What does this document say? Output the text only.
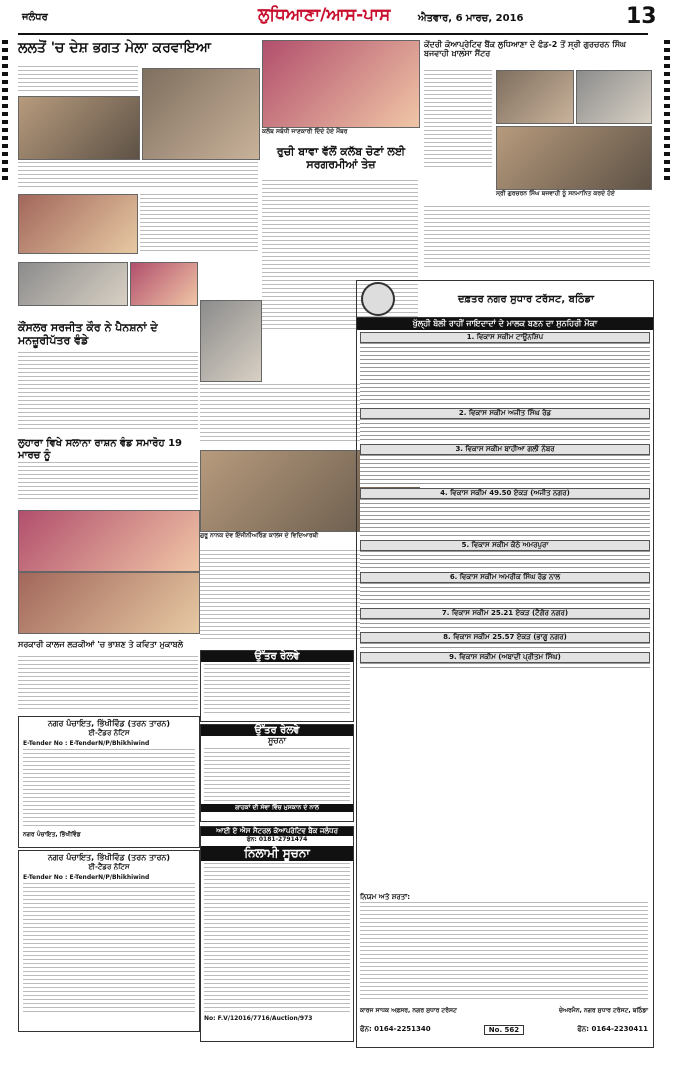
ਜਲੰਧਰ	ਲੁਧਿਆਣਾ/ਆਸ-ਪਾਸ	ਐਤਵਾਰ, 6 ਮਾਰਚ, 2016	13
ਲਲਤੋਂ 'ਚ ਦੇਸ਼ ਭਗਤ ਮੇਲਾ ਕਰਵਾਇਆ
ਕੌਂਸਲਰ ਸਰਜੀਤ ਕੌਰ ਨੇ ਪੈਨਸ਼ਨਾਂ ਦੇ ਮਨਜ਼ੂਰੀਪੱਤਰ ਵੰਡੇ
ਲੁਹਾਰਾ ਵਿਖੇ ਸਲਾਨਾ ਰਾਸ਼ਨ ਵੰਡ ਸਮਾਰੋਹ 19 ਮਾਰਚ ਨੂੰ
ਸਰਕਾਰੀ ਕਾਲਜ ਲੜਕੀਆਂ 'ਚ ਭਾਸ਼ਣ ਤੇ ਕਵਿਤਾ ਮੁਕਾਬਲੇ
ਨਗਰ ਪੰਚਾਇਤ, ਭਿੱਖੀਵਿੰਡ (ਤਰਨ ਤਾਰਨ)
ਈ-ਟੈਂਡਰ ਨੋਟਿਸ
E-Tender No : E-TenderN/P/Bhikhiwind
ਨਗਰ ਪੰਚਾਇਤ, ਭਿੱਖੀਵਿੰਡ
ਨਗਰ ਪੰਚਾਇਤ, ਭਿੱਖੀਵਿੰਡ (ਤਰਨ ਤਾਰਨ)
ਈ-ਟੈਂਡਰ ਨੋਟਿਸ
E-Tender No : E-TenderN/P/Bhikhiwind
ਕਲੱਬ ਸਬੰਧੀ ਜਾਣਕਾਰੀ ਦਿੰਦੇ ਹੋਏ ਮੈਂਬਰ
ਰੁਚੀ ਬਾਵਾ ਵੱਲੋਂ ਕਲੱਬ ਚੋਣਾਂ ਲਈ ਸਰਗਰਮੀਆਂ ਤੇਜ਼
ਗੁਰੂ ਨਾਨਕ ਦੇਵ ਇੰਜੀਨੀਅਰਿੰਗ ਕਾਲਜ ਦੇ ਵਿਦਿਆਰਥੀ
ਉੱਤਰ ਰੇਲਵੇ
ਉੱਤਰ ਰੇਲਵੇ
ਸੂਚਨਾ
ਗਾਹਕਾਂ ਦੀ ਸੇਵਾ ਵਿੱਚ ਮੁਸਕਾਨ ਦੇ ਨਾਲ
ਆਈ ਏ ਐਸ ਸੈਂਟਰਲ ਕੋਆਪਰੇਟਿਵ ਬੈਂਕ ਜਲੰਧਰ
ਫੋਨ: 0181-2791474
ਨਿਲਾਮੀ ਸੂਚਨਾ
No: F.V/12016/7716/Auction/973
ਕੇਂਦਰੀ ਕੋਆਪ੍ਰੇਟਿਵ ਬੈਂਕ ਲੁਧਿਆਣਾ ਦੇ ਫੰਡ-2 ਤੋਂ ਸ੍ਰੀ ਗੁਰਚਰਨ ਸਿੰਘ ਬਜਵਾਹੀ ਖ਼ਾਲਸਾ ਸੈਂਟਰ
ਸ੍ਰੀ ਗੁਰਚਰਨ ਸਿੰਘ ਬਜਵਾਹੀ ਨੂੰ ਸਨਮਾਨਿਤ ਕਰਦੇ ਹੋਏ
ਦਫ਼ਤਰ ਨਗਰ ਸੁਧਾਰ ਟਰੱਸਟ, ਬਠਿੰਡਾ
ਖੁੱਲ੍ਹੀ ਬੋਲੀ ਰਾਹੀਂ ਜਾਇਦਾਦਾਂ ਦੇ ਮਾਲਕ ਬਣਨ ਦਾ ਸੁਨਹਿਰੀ ਮੌਕਾ
1. ਵਿਕਾਸ ਸਕੀਮ ਟਾਊਨਸ਼ਿਪ
2. ਵਿਕਾਸ ਸਕੀਮ ਅਜੀਤ ਸਿੰਘ ਰੋਡ
3. ਵਿਕਾਸ ਸਕੀਮ ਬਾਹੀਆ ਗਲੀ ਨੰਬਰ
4. ਵਿਕਾਸ ਸਕੀਮ 49.50 ਏਕੜ (ਅਜੀਤ ਨਗਰ)
5. ਵਿਕਾਸ ਸਕੀਮ ਕੋਠੇ ਅਮਰਪੁਰਾ
6. ਵਿਕਾਸ ਸਕੀਮ ਅਮਰੀਕ ਸਿੰਘ ਰੋਡ ਨਾਲ
7. ਵਿਕਾਸ ਸਕੀਮ 25.21 ਏਕੜ (ਟੈਗੋਰ ਨਗਰ)
8. ਵਿਕਾਸ ਸਕੀਮ 25.57 ਏਕੜ (ਭਾਗੂ ਨਗਰ)
9. ਵਿਕਾਸ ਸਕੀਮ (ਅਬਾਦੀ ਪ੍ਰੀਤਮ ਸਿੰਘ)
ਨਿਯਮ ਅਤੇ ਸ਼ਰਤਾਂ:
ਕਾਰਜ ਸਾਧਕ ਅਫ਼ਸਰ, ਨਗਰ ਸੁਧਾਰ ਟਰੱਸਟ	ਚੇਅਰਮੈਨ, ਨਗਰ ਸੁਧਾਰ ਟਰੱਸਟ, ਬਠਿੰਡਾ
ਫੋਨ: 0164-2251340	No. 562	ਫੋਨ: 0164-2230411
